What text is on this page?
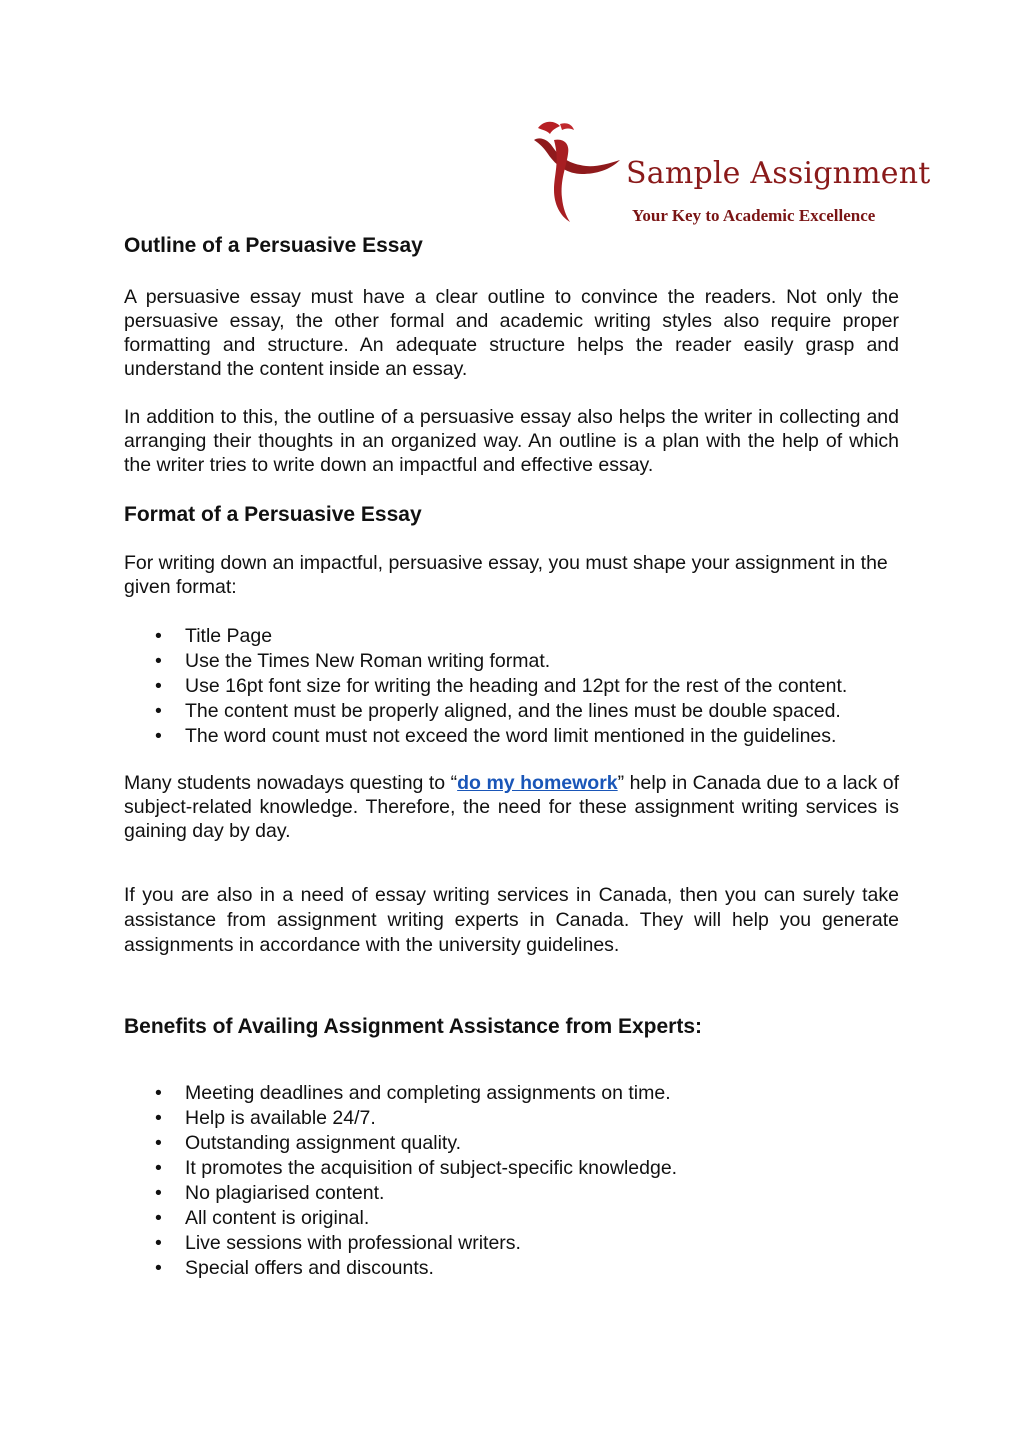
Sample Assignment
Your Key to Academic Excellence
Outline of a Persuasive Essay

A persuasive essay must have a clear outline to convince the readers. Not only the persuasive essay, the other formal and academic writing styles also require proper formatting and structure. An adequate structure helps the reader easily grasp and understand the content inside an essay.

In addition to this, the outline of a persuasive essay also helps the writer in collecting and arranging their thoughts in an organized way. An outline is a plan with the help of which the writer tries to write down an impactful and effective essay.

Format of a Persuasive Essay

For writing down an impactful, persuasive essay, you must shape your assignment in the given format:

• Title Page
• Use the Times New Roman writing format.
• Use 16pt font size for writing the heading and 12pt for the rest of the content.
• The content must be properly aligned, and the lines must be double spaced.
• The word count must not exceed the word limit mentioned in the guidelines.

Many students nowadays questing to “do my homework” help in Canada due to a lack of subject-related knowledge. Therefore, the need for these assignment writing services is gaining day by day.

If you are also in a need of essay writing services in Canada, then you can surely take assistance from assignment writing experts in Canada. They will help you generate assignments in accordance with the university guidelines.

Benefits of Availing Assignment Assistance from Experts:
• Meeting deadlines and completing assignments on time.
• Help is available 24/7.
• Outstanding assignment quality.
• It promotes the acquisition of subject-specific knowledge.
• No plagiarised content.
• All content is original.
• Live sessions with professional writers.
• Special offers and discounts.
